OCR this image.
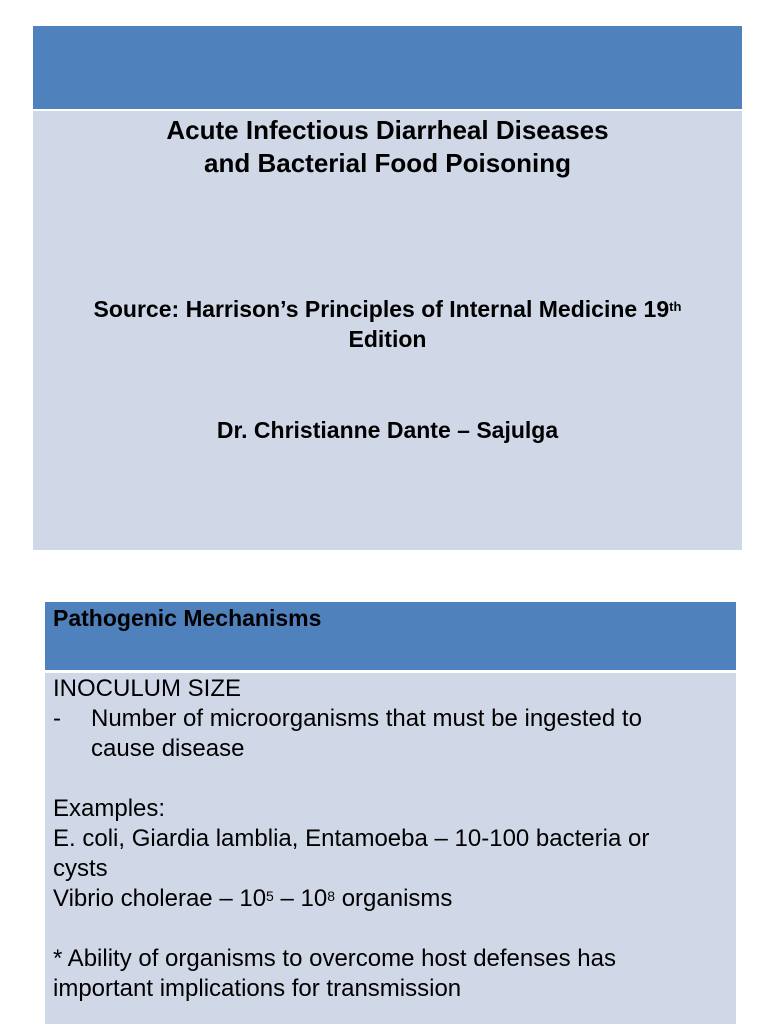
Acute Infectious Diarrheal Diseases
and Bacterial Food Poisoning
Source: Harrison’s Principles of Internal Medicine 19th
Edition
Dr. Christianne Dante – Sajulga
Pathogenic Mechanisms
INOCULUM SIZE
- Number of microorganisms that must be ingested to
cause disease
Examples:
E. coli, Giardia lamblia, Entamoeba – 10-100 bacteria or
cysts
Vibrio cholerae – $10^5 - 10^8$ organisms
* Ability of organisms to overcome host defenses has
important implications for transmission
